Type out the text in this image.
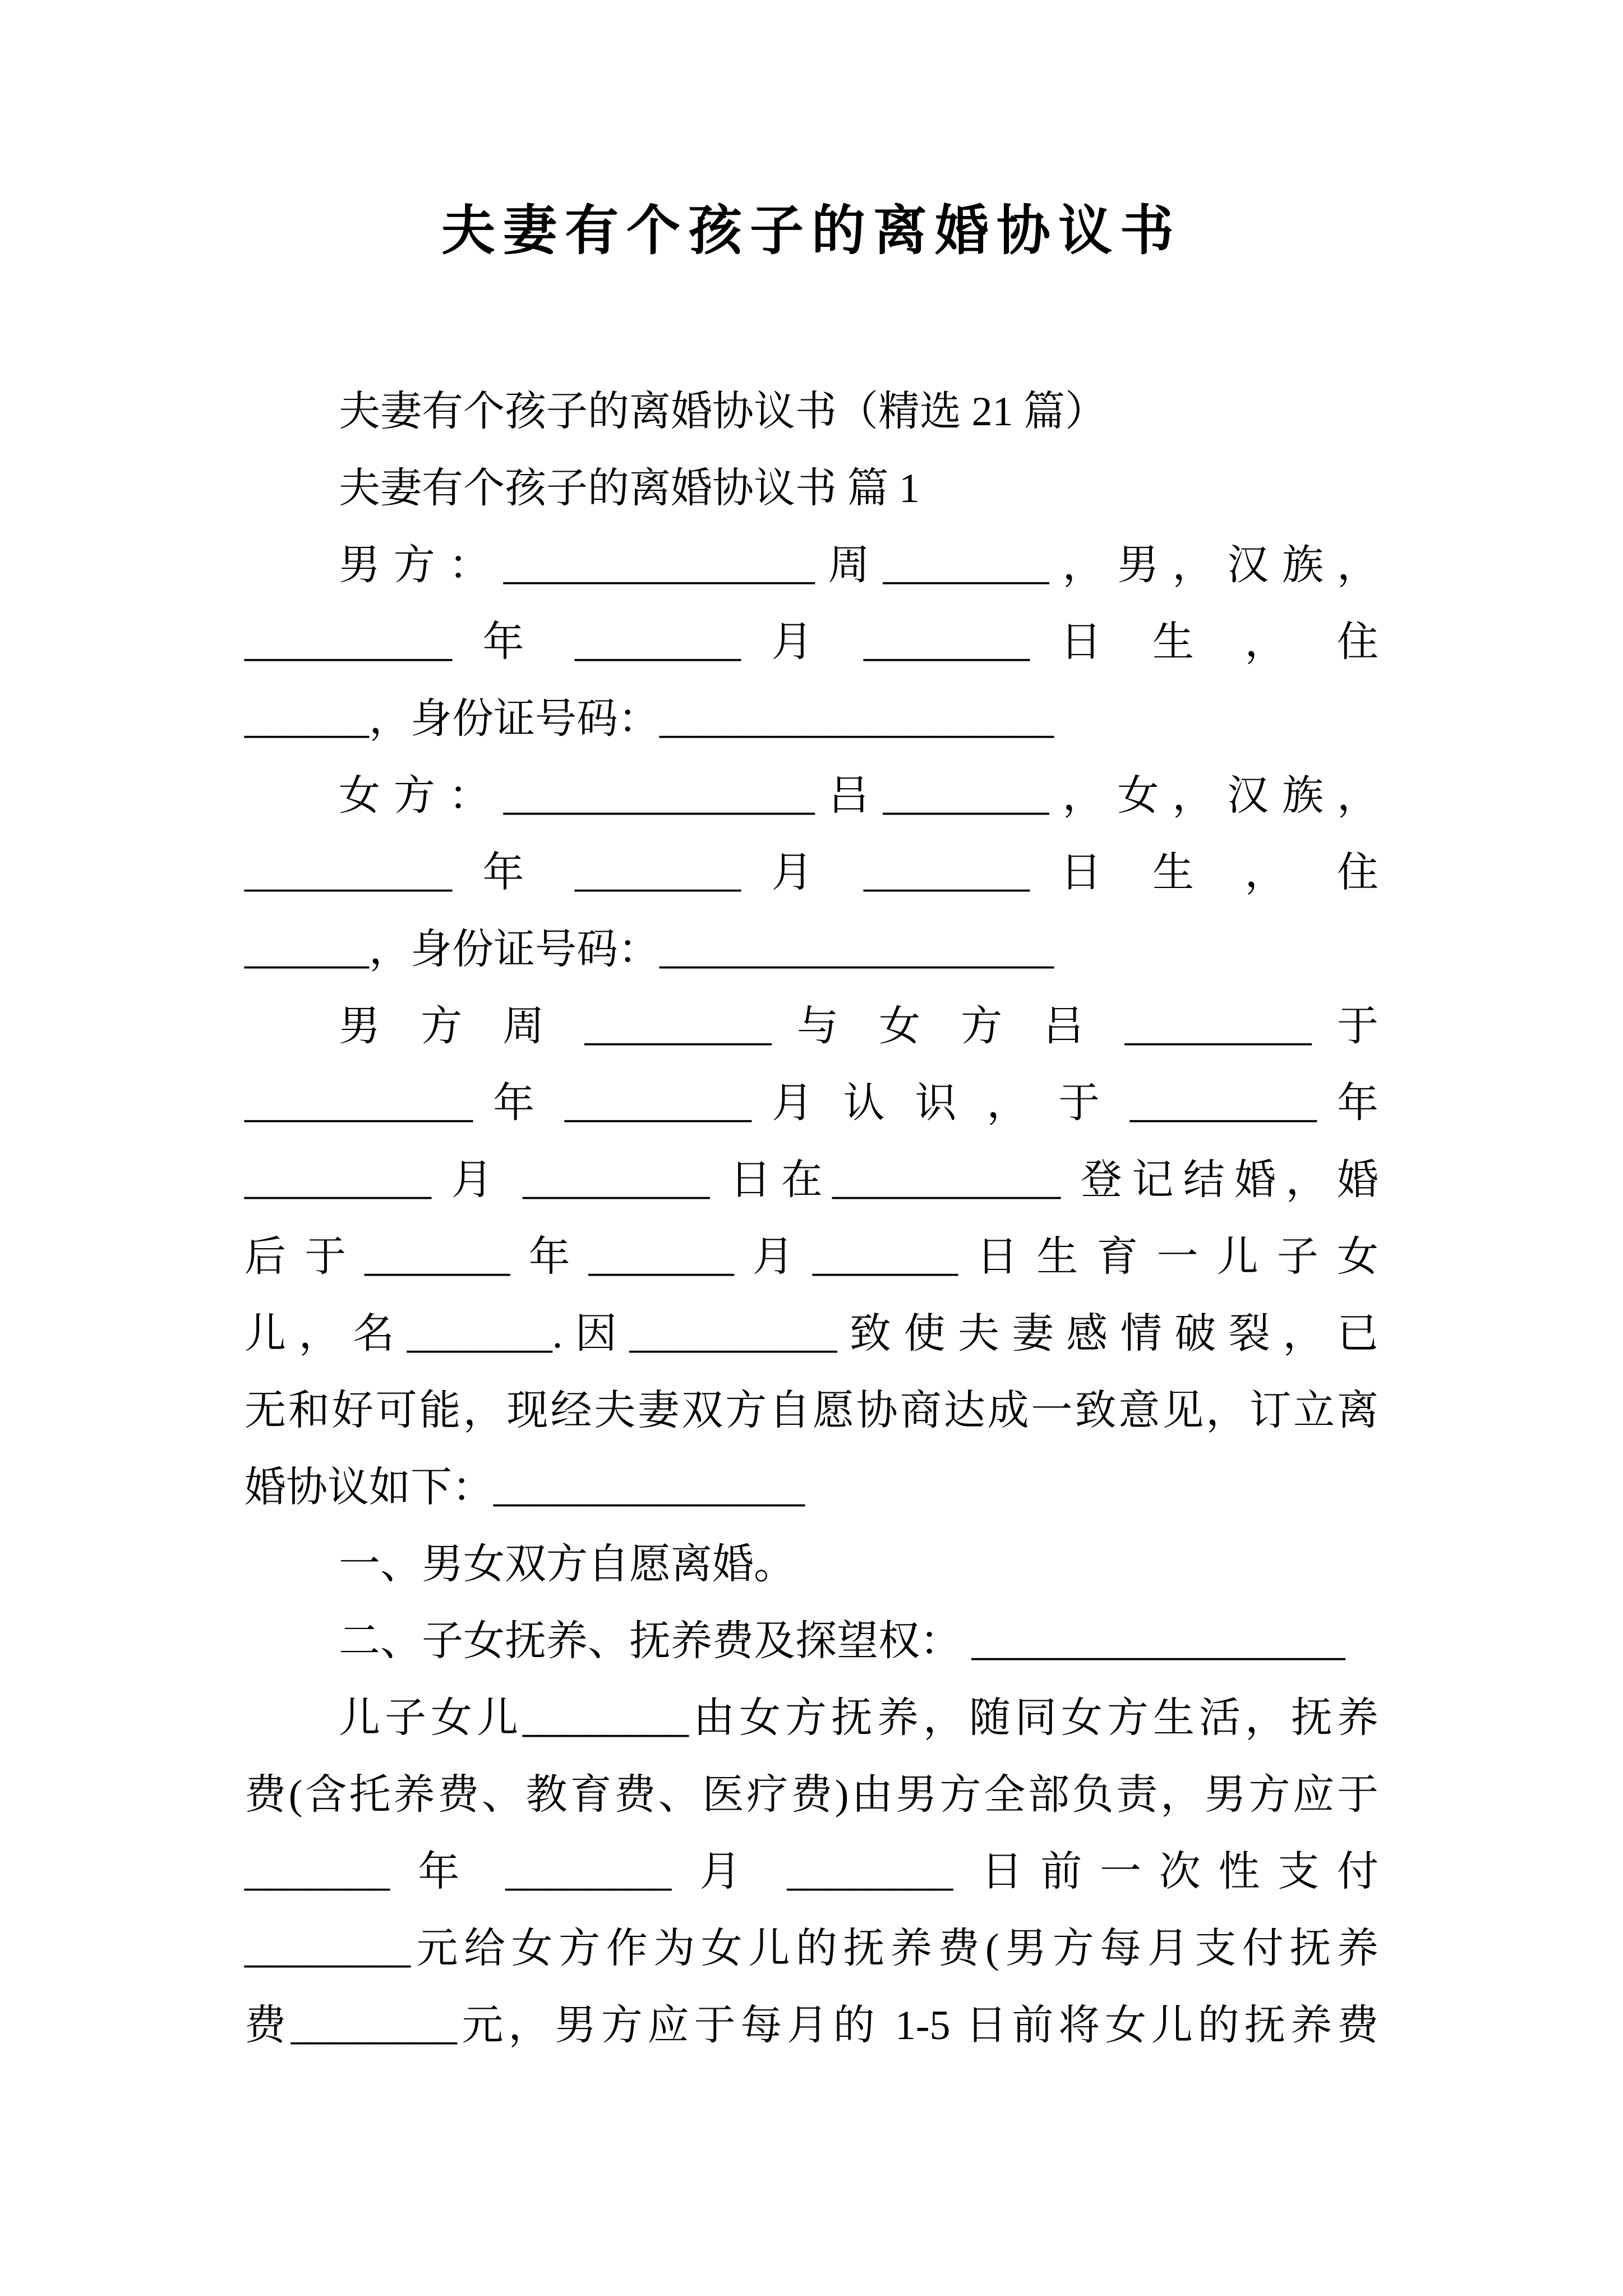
夫妻有个孩子的离婚协议书
夫妻有个孩子的离婚协议书（精选 21 篇）
夫妻有个孩子的离婚协议书 篇 1
男方：_______________周________，男，汉族，
__________ 年 ________ 月 ________ 日 生 ， 住
______，身份证号码：___________________
女方：_______________吕________，女，汉族，
__________ 年 ________ 月 ________ 日 生 ， 住
______，身份证号码：___________________
男 方 周 _________ 与 女 方 吕 _________ 于
___________ 年 _________ 月 认 识 ， 于 _________ 年
_________ 月 _________ 日在___________ 登记结婚，婚
后于_______年_______月_______日生育一儿子女
儿，名_______.因__________致使夫妻感情破裂，已
无和好可能，现经夫妻双方自愿协商达成一致意见，订立离
婚协议如下：_______________
一、男女双方自愿离婚。
二、子女抚养、抚养费及探望权： __________________
儿子女儿________由女方抚养，随同女方生活，抚养
费(含托养费、教育费、医疗费)由男方全部负责，男方应于
_______ 年 ________ 月 ________ 日前一次性支付
________元给女方作为女儿的抚养费(男方每月支付抚养
费________元，男方应于每月的 1-5 日前将女儿的抚养费
